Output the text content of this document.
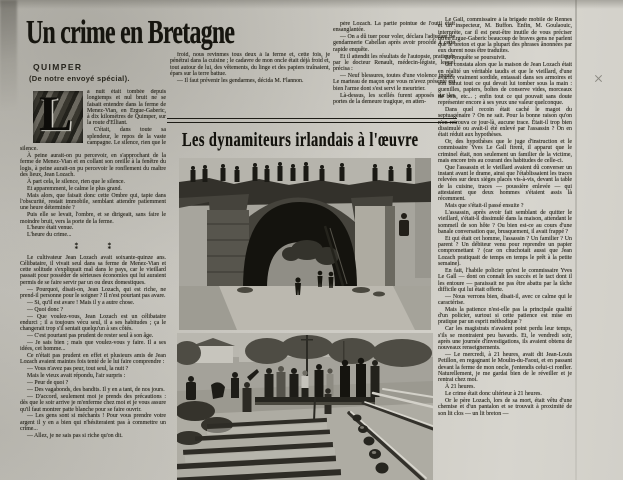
Un crime en Bretagne
QUIMPER
(De notre envoyé spécial).
L	a nuit était tombée depuis longtemps et nul bruit ne se faisait entendre dans la ferme de Menez-Vian, en Ergue-Gaberic, à dix kilomètres de Quimper, sur la route d'Elliant.

C'était, dans toute sa splendeur, le repos de la vaste campagne. Le silence, rien que le silence.

À peine aurait-on pu percevoir, en s'approchant de la ferme de Menez-Vian et en collant son oreille à la fenêtre du logis, à peine aurait-on pu percevoir le ronflement du maître des lieux, Jean Lozach.

À part cela, le silence, rien que le silence.

Et apparemment, le calme le plus grand.

Mais alors, que faisait donc cette Ombre qui, tapie dans l'obscurité, restait immobile, semblant attendre patiemment une heure déterminée ?

Puis elle se levait, l'ombre, et se dirigeait, sans faire le moindre bruit, vers la porte de la ferme.

L'heure était venue.

L'heure du crime...

⁑ ⁑

Le cultivateur Jean Lozach avait soixante-quinze ans. Célibataire, il vivait seul dans sa ferme de Menez-Vian et cette solitude s'expliquait mal dans le pays, car le vieillard passait pour posséder de sérieuses économies qui lui auraient permis de se faire servir par un ou deux domestiques.

— Pourquoi, disait-on, Jean Lozach, qui est riche, ne prend-il personne pour le soigner ? Il n'est pourtant pas avare.

— Si, qu'il est avare ! Mais il y a autre chose.

— Quoi donc ?

— Que voulez-vous, Jean Lozach est un célibataire endurci ; il a toujours vécu seul, il a ses habitudes ; ça le changerait trop s'il sentait quelqu'un à ses côtés.

— C'est pourtant pas prudent de rester seul à son âge.

— Je sais bien ; mais que voulez-vous y faire. Il a ses idées, cet homme...

Ce n'était pas prudent en effet et plusieurs amis de Jean Lozach avaient maintes fois tenté de le lui faire comprendre :

— Vous n'avez pas peur, tout seul, la nuit ?

Mais le vieux avait répondu, l'air surpris :

— Peur de quoi ?

— Des vagabonds, des bandits. Il y en a tant, de nos jours.

— D'accord, seulement moi je prends des précautions : dès que le soir arrive je m'enferme chez moi et je vous assure qu'il faut montrer patte blanche pour se faire ouvrir.

— Les gens sont si méchants ! Pour vous prendre votre argent il y en a bien qui n'hésiteraient pas à commettre un crime...

— Allez, je ne sais pas si riche qu'on dit.

froid, nous revinmes tous deux à la ferme et, cette fois, je pénétrai dans la cuisine ; le cadavre de mon oncle était déjà froid et, tout autour de lui, des vêtements, du linge et des papiers traînaient, épars sur la terre battue.

— Il faut prévenir les gendarmes, décida M. Flannon.

père Lozach. La partie pointue de l'outil était ensanglantée.

— On a dû tuer pour voler, déclara l'adjudant de gendarmerie Cabellan après avoir procédé à cette rapide enquête.

Et il attendit les résultats de l'autopsie, pratiquée par le docteur Renault, médecin-légiste, lequel précisa :

— Neuf blessures, toutes d'une violence inouïe. Le marteau de maçon que vous m'avez présenté est bien l'arme dont s'est servi le meurtrier.

Là-dessus, les scellés furent apposés sur les portes de la demeure tragique, en atten-

Le Gall, commissaire à la brigade mobile de Rennes et un inspecteur, M. Buffon. Enfin, M. Goulaouic, interprète, car il est peut-être inutile de vous préciser qu'en Ergue-Gaberic beaucoup de braves gens ne parlent que le breton et que la plupart des phrases ânonnées par eux durent nous être traduites.

Et l'enquête se poursuivit.

On constata alors que la maison de Jean Lozach était en réalité un véritable taudis et que le vieillard, d'une avarice vraiment sordide, entassait dans ses armoires et son bahut tout ce qui devait lui tomber sous la main : guenilles, papiers, boîtes de conserve vides, morceaux de bois, etc... ; enfin tout ce qui pouvait sans doute représenter encore à ses yeux une valeur quelconque.

Dans quel recoin était caché le magot du septuagénaire ? On ne sait. Pour la bonne raison qu'on n'en retrouva ce jour-là, aucune trace. Était-il trop bien dissimulé ou avait-il été enlevé par l'assassin ? On en était réduit aux hypothèses.

Or, des hypothèses que le juge d'instruction et le commissaire Yves Le Gall firent, il apparut que le criminel était, non seulement un familier de la victime, mais encore très au courant des habitudes de celle-ci.

Que l'assassin et le vieillard avaient dû converser un instant avant le drame, ainsi que l'établissaient les traces relevées sur deux sièges placés vis-à-vis, devant la table de la cuisine, traces — poussière enlevée — qui attestaient que deux hommes s'étaient assis là récemment.

Mais que s'était-il passé ensuite ?

L'assassin, après avoir fait semblant de quitter le vieillard, s'était-il dissimulé dans la maison, attendant le sommeil de son hôte ? Ou bien est-ce au cours d'une banale conversation que, brusquement, il avait frappé ?

Et qui était cet homme, l'assassin ? Un familier ? Un parent ? Un débiteur venu pour reprendre un papier compromettant ? (car on chuchotait aussi que Jean Lozach pratiquait de temps en temps le prêt à la petite semaine).

En fait, l'habile policier qu'est le commissaire Yves Le Gall — dont on connaît les succès et le tact dont il les entoure — paraissait ne pas être abattu par la tâche difficile qui lui était offerte.

— Nous verrons bien, disait-il, avec ce calme qui le caractérise.

Mais la patience n'est-elle pas la principale qualité d'un policier, surtout si cette patience est mise en pratique par un esprit méthodique ?

Car les magistrats n'avaient point perdu leur temps, s'ils se montraient peu bavards. Et, le vendredi soir, après une journée d'investigations, ils avaient obtenu de nouveaux renseignements.

— Le mercredi, à 21 heures, avait dit Jean-Louis Petillon, en regagnant le Moulin-du-Faout, et en passant devant la ferme de mon oncle, j'entendis celui-ci ronfler. Naturellement, je me gardai bien de le réveiller et je rentrai chez moi.

À 21 heures.

Le crime était donc ultérieur à 21 heures.

Or le père Lozach, lors de sa mort, était vêtu d'une chemise et d'un pantalon et se trouvait à proximité de son lit clos — un lit breton —

Les dynamiteurs irlandais à l'œuvre
